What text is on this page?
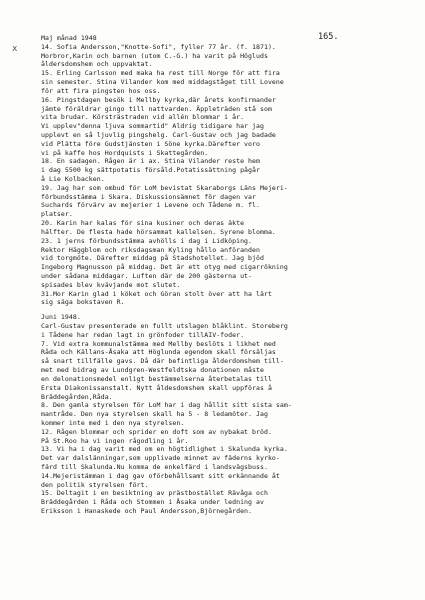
x
165.
Maj månad 1948
14. Sofia Andersson,"Knotte-Sofi", fyller 77 år. (f. 1871).
Morbror,Karin och barnen (utom C.-G.) ha varit på Högluds
åldersdomshem och uppvaktat.
15. Erling Carlsson med maka ha rest till Norge för att fira
sin semester. Stina Vilander kom med middagståget till Lovene
för att fira pingsten hos oss.
16. Pingstdagen besök i Mellby kyrka,där årets konfirmander
jämte föräldrar gingo till nattvarden. Äppleträden stå som
vita brudar. Körsträstraden vid allén blommar i år.
Vi upplev"denna ljuva sommartid" Aldrig tidigare har jag
upplevt en så ljuvlig pingshelg. Carl-Gustav och jag badade
vid Plätta före Gudstjänsten i Söne kyrka.Därefter voro
vi på kaffe hos Hordquists i Skattegården.
18. En sadagen. Rågen är i ax. Stina Vilander reste hem
i dag 5500 kg sättpotatis försåld.Potatissättning pågår
å Lie Kolbacken.
19. Jag har som ombud för LoM bevistat Skaraborgs Läns Mejeri-
förbundsstämma i Skara. Diskussionsämnet för dagen var
Suchards förvärv av mejerier i Levene och Tådene m. fl.
platser.
20. Karin har kalas för sina kusiner och deras äkte
hälfter. De flesta hade hörsammat kallelsen. Syrene blomma.
23. 1 jerns förbundsstämma avhölls i dag i Lidköping.
Rektor Häggblom och riksdagsman Kyling hållo anföranden
vid torgmöte. Därefter middag på Stadshotellet. Jag bjöd
Ingeborg Magnusson på middag. Det är ett otyg med cigarrökning
under sådana middagar. Luften där de 200 gästerna ut-
spisades blev kvävjande mot slutet.
31.Mor Karin glad i köket och Göran stolt över att ha lärt
sig säga bokstaven R.
Juni 1948.
Carl-Gustav presenterade en fullt utslagen blåklint. Storeberg
i Tådene har redan lagt in grönfoder tillAIV-foder.
7. Vid extra kommunalstämma med Mellby beslöts i likhet med
Råda och Källans-Åsaka att Höglunda egendom skall försäljas
så snart tillfälle gavs. Då där befintliga ålderdomshem till-
met med bidrag av Lundgren-Westfeldtska donationen måste
en delonationsmedel enligt bestämmelserna återbetalas till
Ersta Diakonissanstalt. Nytt åldesdomshem skall uppföras å
Bräddegården,Råda.
8. Den gamla styrelsen för LoM har i dag hållit sitt sista sam-
mantråde. Den nya styrelsen skall ha 5 - 8 ledamöter. Jag
kommer inte med i den nya styrelsen.
12. Rågen blommar och sprider en doft som av nybakat bröd.
På St.Roo ha vi ingen rågodling i år.
13. Vi ha i dag varit med om en högtidlighet i Skalunda kyrka.
Det var dalslänningar,som upplivade minnet av fäderns kyrko-
färd till Skalunda.Nu komma de enkelfärd i landsvägsbuss.
14.Mejeristämman i dag gav oförbehållsamt sitt erkännande åt
den politik styrelsen fört.
15. Deltagit i en besiktning av prästbostället Rävåga och
Bräddegården i Råda och Stommen i Åsaka under ledning av
Eriksson i Hanaskede och Paul Andersson,Björnegården.
